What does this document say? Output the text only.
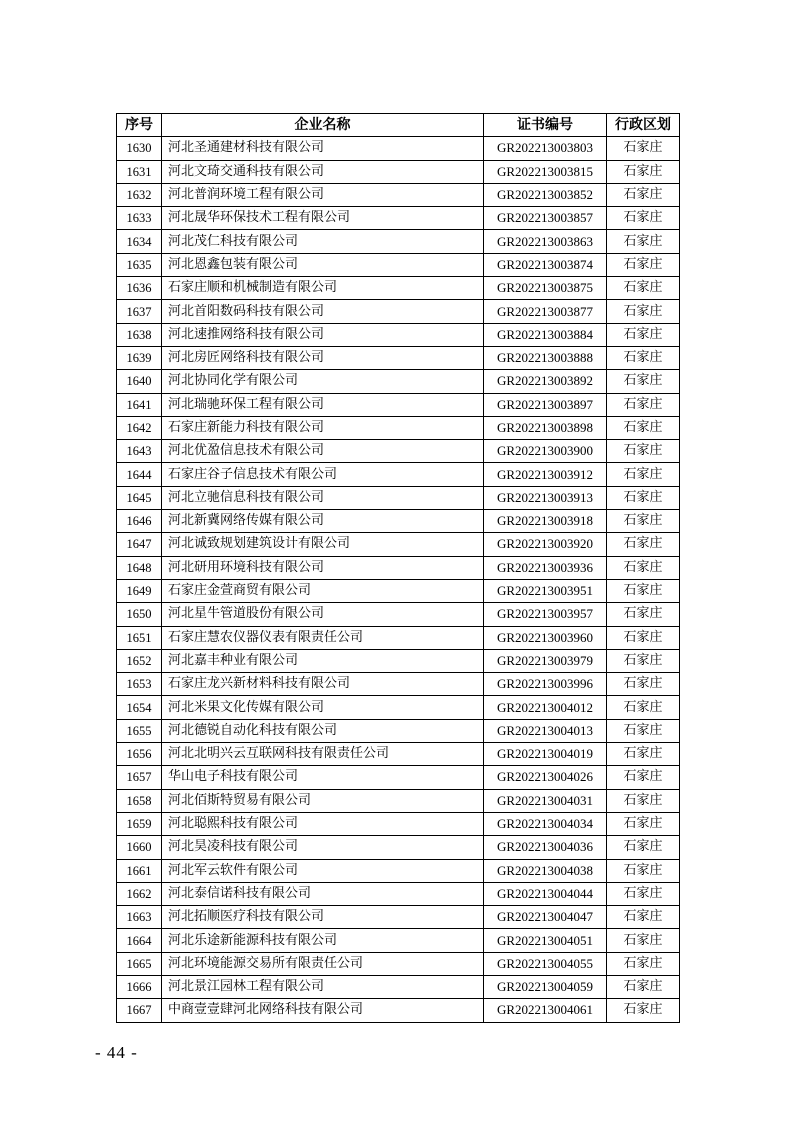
序号	企业名称	证书编号	行政区划
1630	河北圣通建材科技有限公司	GR202213003803	石家庄
1631	河北文琦交通科技有限公司	GR202213003815	石家庄
1632	河北普润环境工程有限公司	GR202213003852	石家庄
1633	河北晟华环保技术工程有限公司	GR202213003857	石家庄
1634	河北茂仁科技有限公司	GR202213003863	石家庄
1635	河北恩鑫包装有限公司	GR202213003874	石家庄
1636	石家庄顺和机械制造有限公司	GR202213003875	石家庄
1637	河北首阳数码科技有限公司	GR202213003877	石家庄
1638	河北速推网络科技有限公司	GR202213003884	石家庄
1639	河北房匠网络科技有限公司	GR202213003888	石家庄
1640	河北协同化学有限公司	GR202213003892	石家庄
1641	河北瑞驰环保工程有限公司	GR202213003897	石家庄
1642	石家庄新能力科技有限公司	GR202213003898	石家庄
1643	河北优盈信息技术有限公司	GR202213003900	石家庄
1644	石家庄谷子信息技术有限公司	GR202213003912	石家庄
1645	河北立驰信息科技有限公司	GR202213003913	石家庄
1646	河北新冀网络传媒有限公司	GR202213003918	石家庄
1647	河北诚致规划建筑设计有限公司	GR202213003920	石家庄
1648	河北研用环境科技有限公司	GR202213003936	石家庄
1649	石家庄金萱商贸有限公司	GR202213003951	石家庄
1650	河北星牛管道股份有限公司	GR202213003957	石家庄
1651	石家庄慧农仪器仪表有限责任公司	GR202213003960	石家庄
1652	河北嘉丰种业有限公司	GR202213003979	石家庄
1653	石家庄龙兴新材料科技有限公司	GR202213003996	石家庄
1654	河北米果文化传媒有限公司	GR202213004012	石家庄
1655	河北德锐自动化科技有限公司	GR202213004013	石家庄
1656	河北北明兴云互联网科技有限责任公司	GR202213004019	石家庄
1657	华山电子科技有限公司	GR202213004026	石家庄
1658	河北佰斯特贸易有限公司	GR202213004031	石家庄
1659	河北聪熙科技有限公司	GR202213004034	石家庄
1660	河北昊凌科技有限公司	GR202213004036	石家庄
1661	河北军云软件有限公司	GR202213004038	石家庄
1662	河北泰信诺科技有限公司	GR202213004044	石家庄
1663	河北拓顺医疗科技有限公司	GR202213004047	石家庄
1664	河北乐途新能源科技有限公司	GR202213004051	石家庄
1665	河北环境能源交易所有限责任公司	GR202213004055	石家庄
1666	河北景江园林工程有限公司	GR202213004059	石家庄
1667	中商壹壹肆河北网络科技有限公司	GR202213004061	石家庄
- 44 -
